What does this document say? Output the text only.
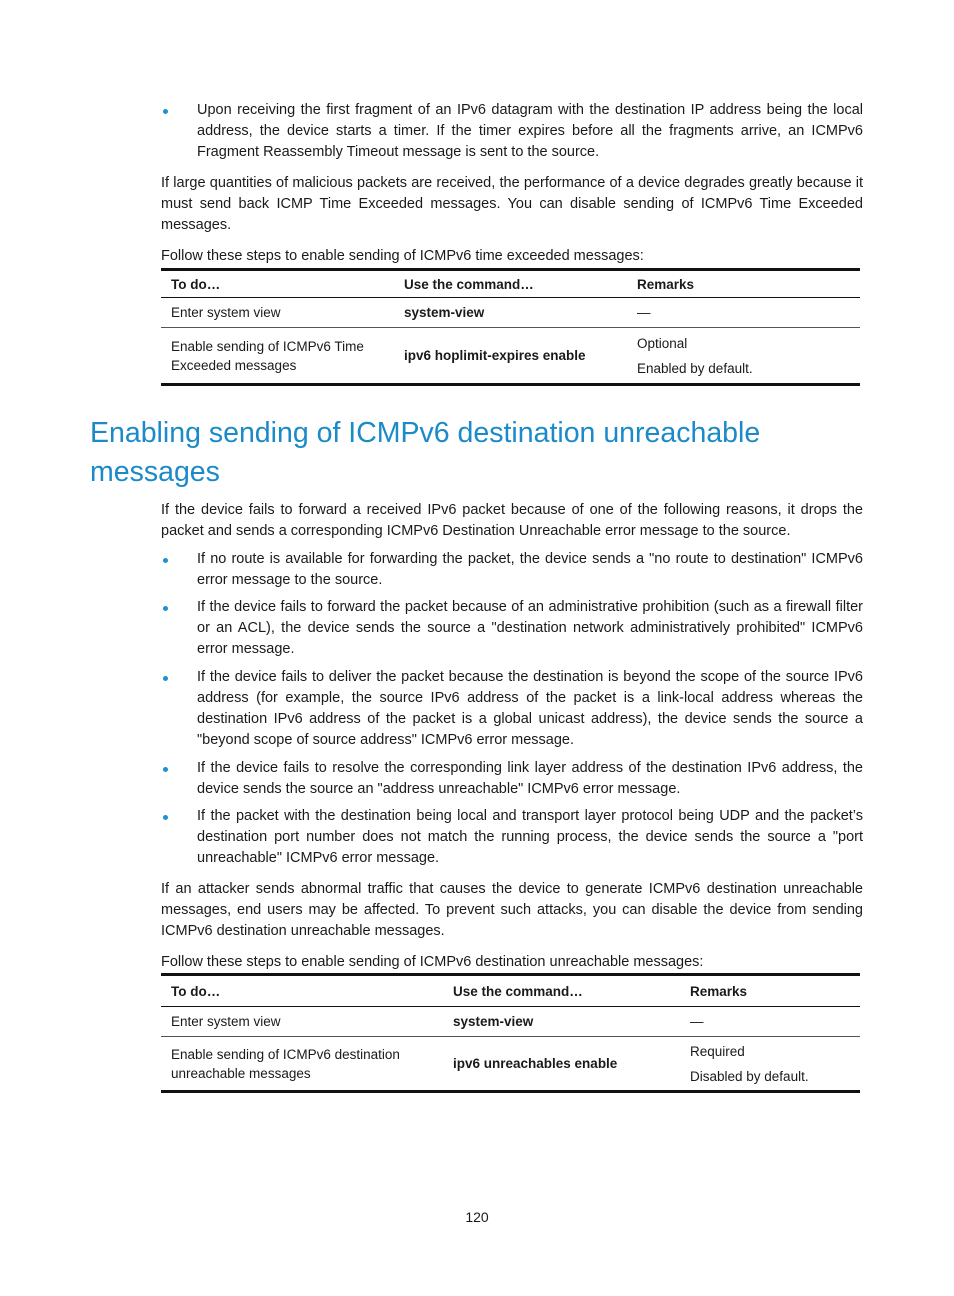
Upon receiving the first fragment of an IPv6 datagram with the destination IP address being the local address, the device starts a timer. If the timer expires before all the fragments arrive, an ICMPv6 Fragment Reassembly Timeout message is sent to the source.

If large quantities of malicious packets are received, the performance of a device degrades greatly because it must send back ICMP Time Exceeded messages. You can disable sending of ICMPv6 Time Exceeded messages.

Follow these steps to enable sending of ICMPv6 time exceeded messages:

To do…	Use the command…	Remarks
Enter system view	system-view	—
Enable sending of ICMPv6 Time Exceeded messages	ipv6 hoplimit-expires enable	Optional
Enabled by default.
Enabling sending of ICMPv6 destination unreachable messages

If the device fails to forward a received IPv6 packet because of one of the following reasons, it drops the packet and sends a corresponding ICMPv6 Destination Unreachable error message to the source.

If no route is available for forwarding the packet, the device sends a "no route to destination" ICMPv6 error message to the source.

If the device fails to forward the packet because of an administrative prohibition (such as a firewall filter or an ACL), the device sends the source a "destination network administratively prohibited" ICMPv6 error message.

If the device fails to deliver the packet because the destination is beyond the scope of the source IPv6 address (for example, the source IPv6 address of the packet is a link-local address whereas the destination IPv6 address of the packet is a global unicast address), the device sends the source a "beyond scope of source address" ICMPv6 error message.

If the device fails to resolve the corresponding link layer address of the destination IPv6 address, the device sends the source an "address unreachable" ICMPv6 error message.

If the packet with the destination being local and transport layer protocol being UDP and the packet’s destination port number does not match the running process, the device sends the source a "port unreachable" ICMPv6 error message.

If an attacker sends abnormal traffic that causes the device to generate ICMPv6 destination unreachable messages, end users may be affected. To prevent such attacks, you can disable the device from sending ICMPv6 destination unreachable messages.

Follow these steps to enable sending of ICMPv6 destination unreachable messages:

To do…	Use the command…	Remarks
Enter system view	system-view	—
Enable sending of ICMPv6 destination unreachable messages	ipv6 unreachables enable	Required
Disabled by default.
120
